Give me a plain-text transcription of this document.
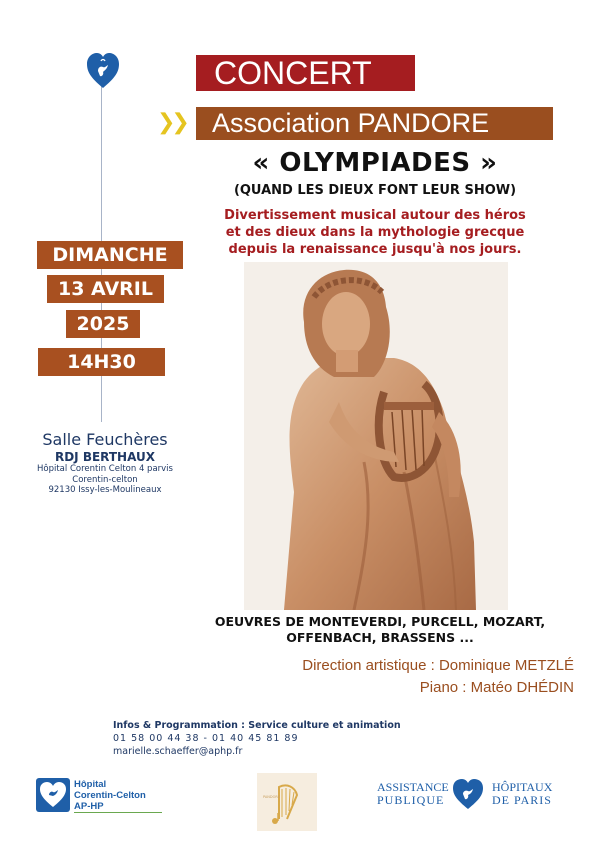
CONCERT
❯❯ Association PANDORE
« OLYMPIADES »
(QUAND LES DIEUX FONT LEUR SHOW)
Divertissement musical autour des héros
et des dieux dans la mythologie grecque
depuis la renaissance jusqu'à nos jours.
DIMANCHE
13 AVRIL
2025
14H30
Salle Feuchères
RDJ BERTHAUX
Hôpital Corentin Celton 4 parvis
Corentin-celton
92130 Issy-les-Moulineaux
OEUVRES DE MONTEVERDI, PURCELL, MOZART,
OFFENBACH, BRASSENS ...
Direction artistique : Dominique METZLÉ
Piano : Matéo DHÉDIN
Infos & Programmation : Service culture et animation
01 58 00 44 38 - 01 40 45 81 89
marielle.schaeffer@aphp.fr
Hôpital
Corentin-Celton
AP-HP
PANDORE
ASSISTANCE
PUBLIQUE
HÔPITAUX
DE PARIS
